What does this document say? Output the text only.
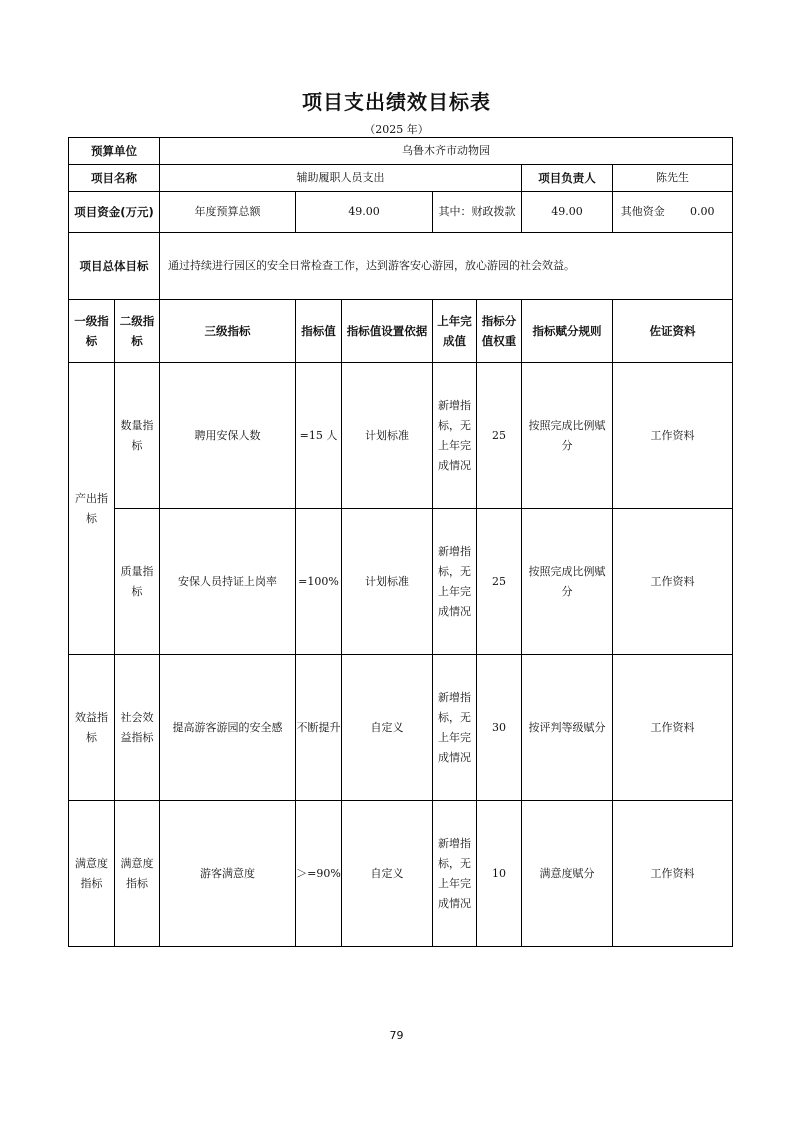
项目支出绩效目标表
（2025 年）
预算单位		乌鲁木齐市动物园						
项目名称		辅助履职人员支出					项目负责人	陈先生
项目资金(万元)		年度预算总额	49.00		其中：财政拨款		49.00	其他资金 0.00

项目总体目标		通过持续进行园区的安全日常检查工作，达到游客安心游园，放心游园的社会效益。						
一级指标	二级指标	三级指标	指标值	指标值设置依据	上年完成值	指标分值权重	指标赋分规则	佐证资料
产出指标	数量指标	聘用安保人数	=15 人	计划标准	新增指标，无上年完成情况	25	按照完成比例赋分	工作资料
	质量指标	安保人员持证上岗率	=100%	计划标准	新增指标，无上年完成情况	25	按照完成比例赋分	工作资料
效益指标	社会效益指标	提高游客游园的安全感	不断提升	自定义	新增指标，无上年完成情况	30	按评判等级赋分	工作资料
满意度指标	满意度指标	游客满意度	＞=90%	自定义	新增指标，无上年完成情况	10	满意度赋分	工作资料
79
